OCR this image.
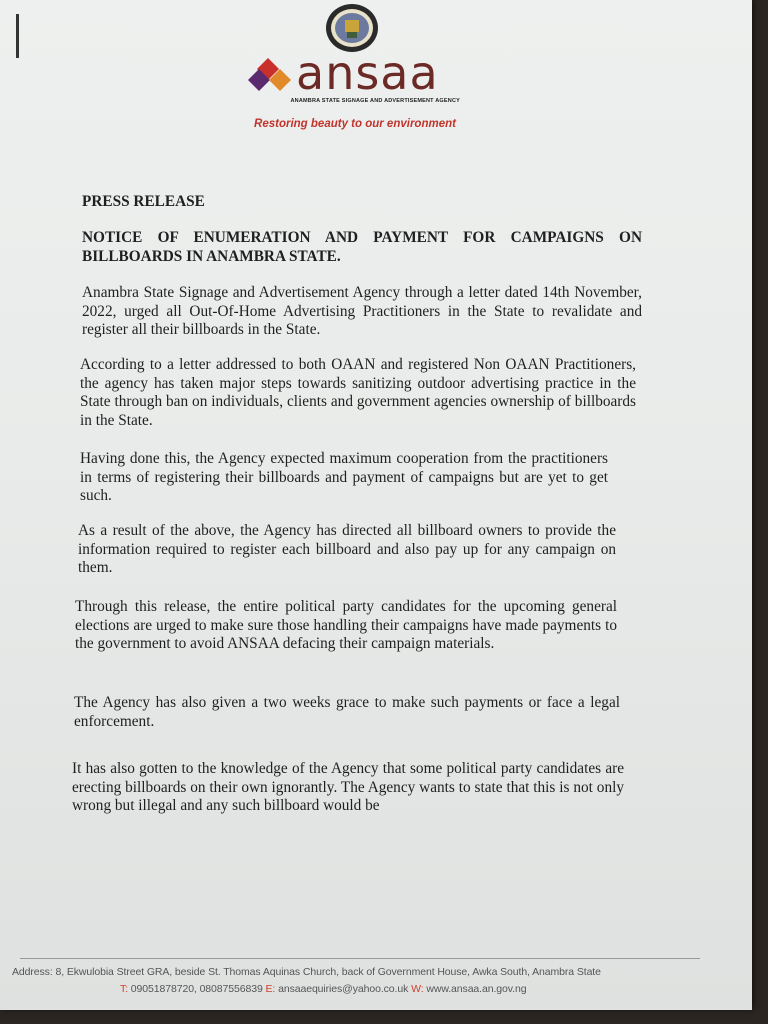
ansaa
ANAMBRA STATE SIGNAGE AND ADVERTISEMENT AGENCY
Restoring beauty to our environment
PRESS RELEASE
NOTICE OF ENUMERATION AND PAYMENT FOR CAMPAIGNS ON BILLBOARDS IN ANAMBRA STATE.
Anambra State Signage and Advertisement Agency through a letter dated 14th November, 2022, urged all Out-Of-Home Advertising Practitioners in the State to revalidate and register all their billboards in the State.
According to a letter addressed to both OAAN and registered Non OAAN Practitioners, the agency has taken major steps towards sanitizing outdoor advertising practice in the State through ban on individuals, clients and government agencies ownership of billboards in the State.
Having done this, the Agency expected maximum cooperation from the practitioners in terms of registering their billboards and payment of campaigns but are yet to get such.
As a result of the above, the Agency has directed all billboard owners to provide the information required to register each billboard and also pay up for any campaign on them.
Through this release, the entire political party candidates for the upcoming general elections are urged to make sure those handling their campaigns have made payments to the government to avoid ANSAA defacing their campaign materials.
The Agency has also given a two weeks grace to make such payments or face a legal enforcement.
It has also gotten to the knowledge of the Agency that some political party candidates are erecting billboards on their own ignorantly. The Agency wants to state that this is not only wrong but illegal and any such billboard would be
Address: 8, Ekwulobia Street GRA, beside St. Thomas Aquinas Church, back of Government House, Awka South, Anambra State
T: 09051878720, 08087556839 E: ansaaequiries@yahoo.co.uk W: www.ansaa.an.gov.ng
